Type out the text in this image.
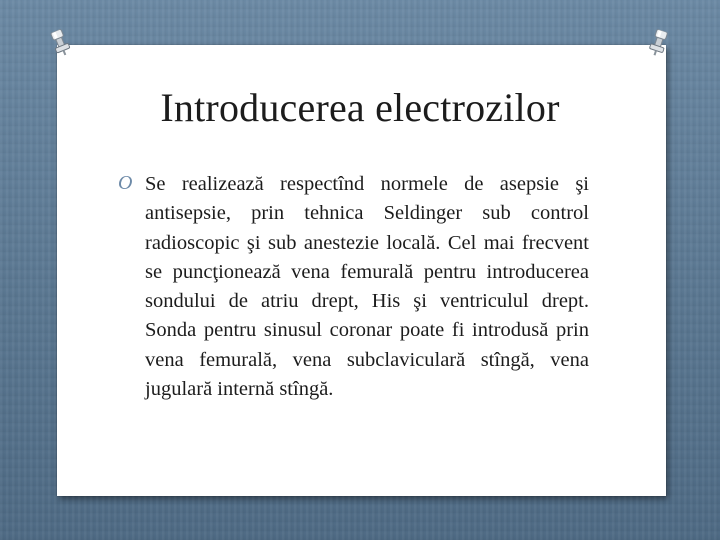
Introducerea electrozilor
O Se realizează respectînd normele de asepsie şi antisepsie, prin tehnica Seldinger sub control radioscopic şi sub anestezie locală. Cel mai frecvent se puncţionează vena femurală pentru introducerea sondului de atriu drept, His şi ventriculul drept. Sonda pentru sinusul coronar poate fi introdusă prin vena femurală, vena subclaviculară stîngă, vena jugulară internă stîngă.
